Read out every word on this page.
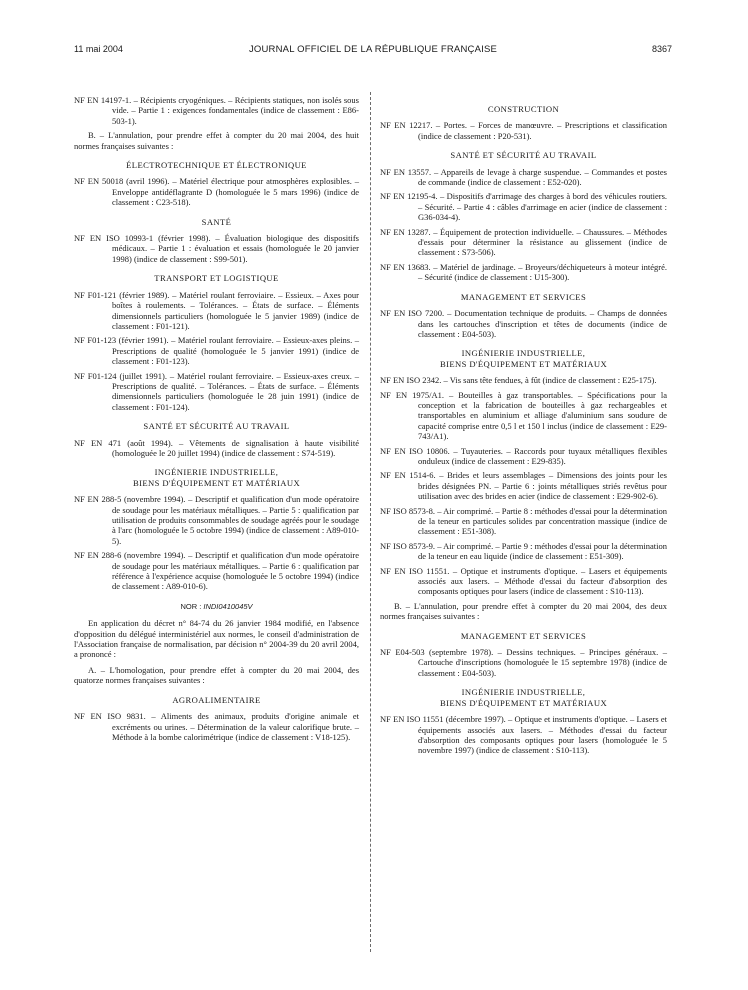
11 mai 2004	JOURNAL OFFICIEL DE LA RÉPUBLIQUE FRANÇAISE	8367

NF EN 14197-1. – Récipients cryogéniques. – Récipients statiques, non isolés sous vide. – Partie 1 : exigences fondamentales (indice de classement : E86-503-1).

B. – L'annulation, pour prendre effet à compter du 20 mai 2004, des huit normes françaises suivantes :

ÉLECTROTECHNIQUE ET ÉLECTRONIQUE

NF EN 50018 (avril 1996). – Matériel électrique pour atmosphères explosibles. – Enveloppe antidéflagrante D (homologuée le 5 mars 1996) (indice de classement : C23-518).

SANTÉ

NF EN ISO 10993-1 (février 1998). – Évaluation biologique des dispositifs médicaux. – Partie 1 : évaluation et essais (homologuée le 20 janvier 1998) (indice de classement : S99-501).

TRANSPORT ET LOGISTIQUE

NF F01-121 (février 1989). – Matériel roulant ferroviaire. – Essieux. – Axes pour boîtes à roulements. – Tolérances. – États de surface. – Éléments dimensionnels particuliers (homologuée le 5 janvier 1989) (indice de classement : F01-121).

NF F01-123 (février 1991). – Matériel roulant ferroviaire. – Essieux-axes pleins. – Prescriptions de qualité (homologuée le 5 janvier 1991) (indice de classement : F01-123).

NF F01-124 (juillet 1991). – Matériel roulant ferroviaire. – Essieux-axes creux. – Prescriptions de qualité. – Tolérances. – États de surface. – Éléments dimensionnels particuliers (homologuée le 28 juin 1991) (indice de classement : F01-124).

SANTÉ ET SÉCURITÉ AU TRAVAIL

NF EN 471 (août 1994). – Vêtements de signalisation à haute visibilité (homologuée le 20 juillet 1994) (indice de classement : S74-519).

INGÉNIERIE INDUSTRIELLE,
BIENS D'ÉQUIPEMENT ET MATÉRIAUX

NF EN 288-5 (novembre 1994). – Descriptif et qualification d'un mode opératoire de soudage pour les matériaux métalliques. – Partie 5 : qualification par utilisation de produits consommables de soudage agréés pour le soudage à l'arc (homologuée le 5 octobre 1994) (indice de classement : A89-010-5).

NF EN 288-6 (novembre 1994). – Descriptif et qualification d'un mode opératoire de soudage pour les matériaux métalliques. – Partie 6 : qualification par référence à l'expérience acquise (homologuée le 5 octobre 1994) (indice de classement : A89-010-6).

NOR : INDI0410045V

En application du décret n° 84-74 du 26 janvier 1984 modifié, en l'absence d'opposition du délégué interministériel aux normes, le conseil d'administration de l'Association française de normalisation, par décision n° 2004-39 du 20 avril 2004, a prononcé :

A. – L'homologation, pour prendre effet à compter du 20 mai 2004, des quatorze normes françaises suivantes :

AGROALIMENTAIRE

NF EN ISO 9831. – Aliments des animaux, produits d'origine animale et excréments ou urines. – Détermination de la valeur calorifique brute. – Méthode à la bombe calorimétrique (indice de classement : V18-125).

CONSTRUCTION

NF EN 12217. – Portes. – Forces de manœuvre. – Prescriptions et classification (indice de classement : P20-531).

SANTÉ ET SÉCURITÉ AU TRAVAIL

NF EN 13557. – Appareils de levage à charge suspendue. – Commandes et postes de commande (indice de classement : E52-020).

NF EN 12195-4. – Dispositifs d'arrimage des charges à bord des véhicules routiers. – Sécurité. – Partie 4 : câbles d'arrimage en acier (indice de classement : G36-034-4).

NF EN 13287. – Équipement de protection individuelle. – Chaussures. – Méthodes d'essais pour déterminer la résistance au glissement (indice de classement : S73-506).

NF EN 13683. – Matériel de jardinage. – Broyeurs/déchiqueteurs à moteur intégré. – Sécurité (indice de classement : U15-300).

MANAGEMENT ET SERVICES

NF EN ISO 7200. – Documentation technique de produits. – Champs de données dans les cartouches d'inscription et têtes de documents (indice de classement : E04-503).

INGÉNIERIE INDUSTRIELLE,
BIENS D'ÉQUIPEMENT ET MATÉRIAUX

NF EN ISO 2342. – Vis sans tête fendues, à fût (indice de classement : E25-175).

NF EN 1975/A1. – Bouteilles à gaz transportables. – Spécifications pour la conception et la fabrication de bouteilles à gaz rechargeables et transportables en aluminium et alliage d'aluminium sans soudure de capacité comprise entre 0,5 l et 150 l inclus (indice de classement : E29-743/A1).

NF EN ISO 10806. – Tuyauteries. – Raccords pour tuyaux métalliques flexibles onduleux (indice de classement : E29-835).

NF EN 1514-6. – Brides et leurs assemblages – Dimensions des joints pour les brides désignées PN. – Partie 6 : joints métalliques striés revêtus pour utilisation avec des brides en acier (indice de classement : E29-902-6).

NF ISO 8573-8. – Air comprimé. – Partie 8 : méthodes d'essai pour la détermination de la teneur en particules solides par concentration massique (indice de classement : E51-308).

NF ISO 8573-9. – Air comprimé. – Partie 9 : méthodes d'essai pour la détermination de la teneur en eau liquide (indice de classement : E51-309).

NF EN ISO 11551. – Optique et instruments d'optique. – Lasers et équipements associés aux lasers. – Méthode d'essai du facteur d'absorption des composants optiques pour lasers (indice de classement : S10-113).

B. – L'annulation, pour prendre effet à compter du 20 mai 2004, des deux normes françaises suivantes :

MANAGEMENT ET SERVICES

NF E04-503 (septembre 1978). – Dessins techniques. – Principes généraux. – Cartouche d'inscriptions (homologuée le 15 septembre 1978) (indice de classement : E04-503).

INGÉNIERIE INDUSTRIELLE,
BIENS D'ÉQUIPEMENT ET MATÉRIAUX

NF EN ISO 11551 (décembre 1997). – Optique et instruments d'optique. – Lasers et équipements associés aux lasers. – Méthodes d'essai du facteur d'absorption des composants optiques pour lasers (homologuée le 5 novembre 1997) (indice de classement : S10-113).
